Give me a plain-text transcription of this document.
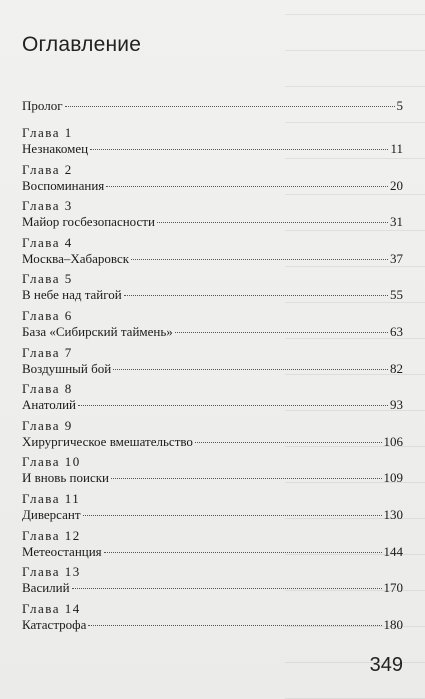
Оглавление
Пролог	5
Глава 1
Незнакомец	11
Глава 2
Воспоминания	20
Глава 3
Майор госбезопасности	31
Глава 4
Москва–Хабаровск	37
Глава 5
В небе над тайгой	55
Глава 6
База «Сибирский таймень»	63
Глава 7
Воздушный бой	82
Глава 8
Анатолий	93
Глава 9
Хирургическое вмешательство	106
Глава 10
И вновь поиски	109
Глава 11
Диверсант	130
Глава 12
Метеостанция	144
Глава 13
Василий	170
Глава 14
Катастрофа	180
349
